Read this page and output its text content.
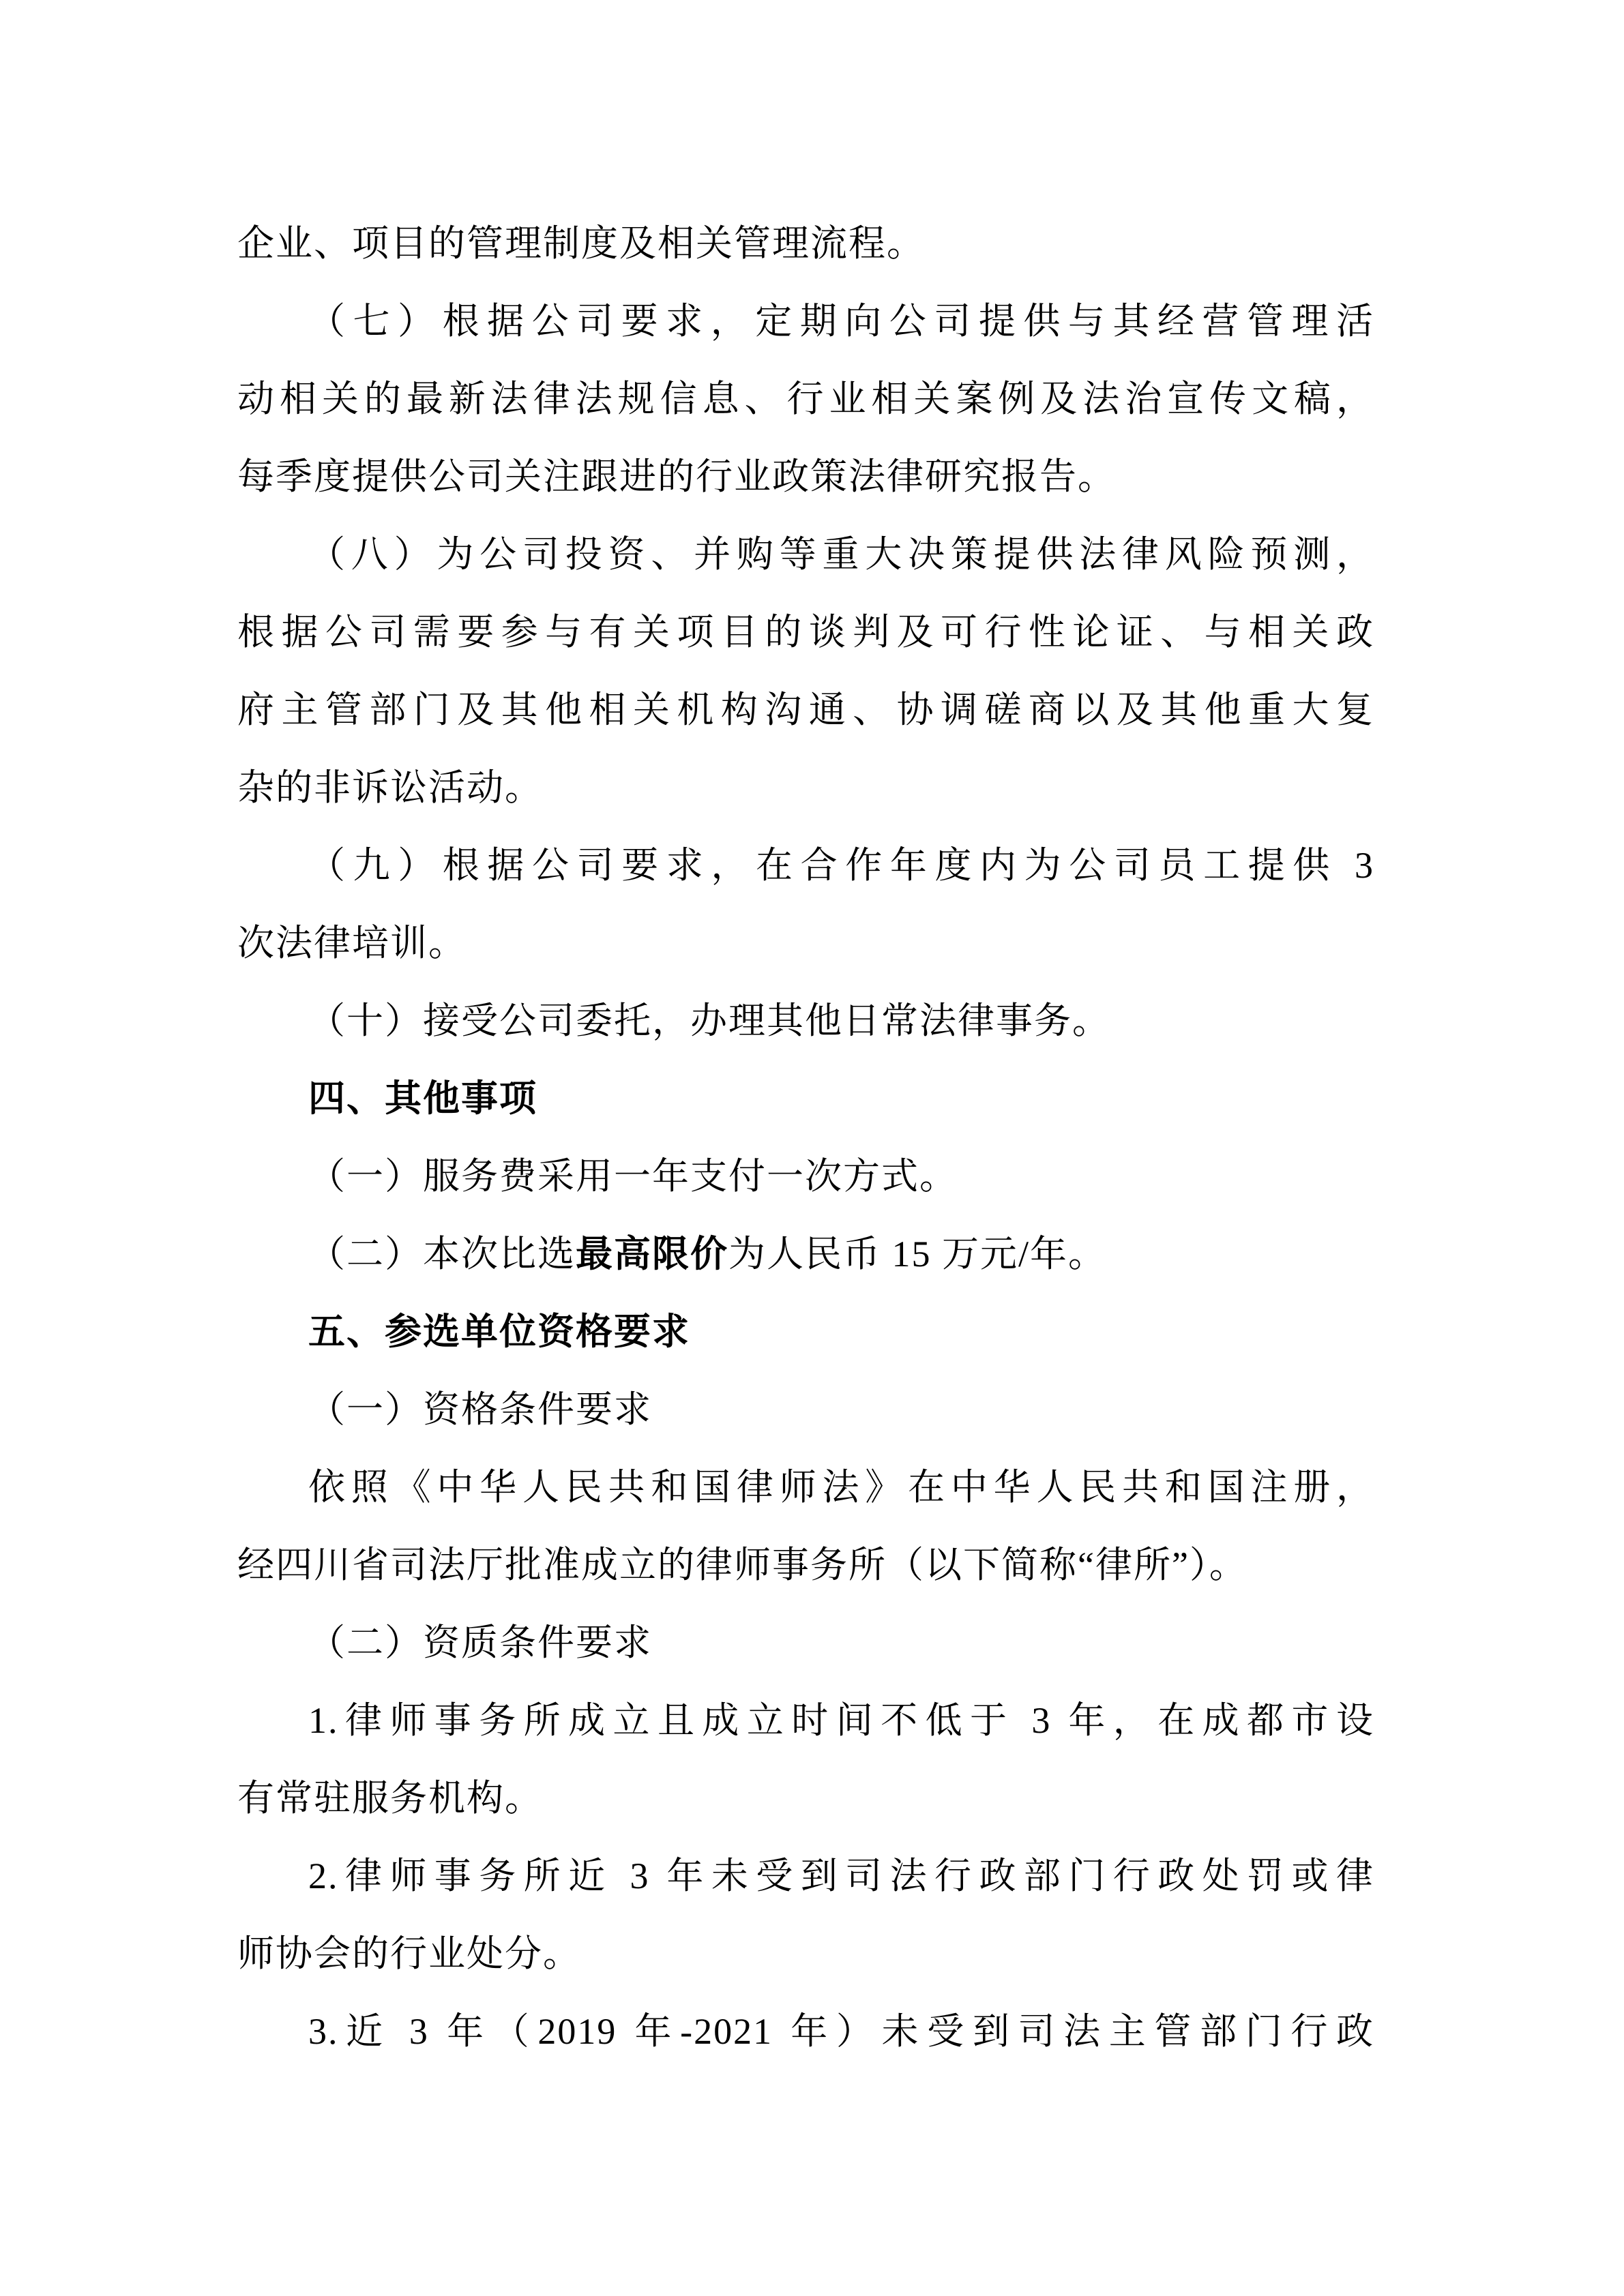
企业、项目的管理制度及相关管理流程。
（七）根据公司要求，定期向公司提供与其经营管理活
动相关的最新法律法规信息、行业相关案例及法治宣传文稿，
每季度提供公司关注跟进的行业政策法律研究报告。
（八）为公司投资、并购等重大决策提供法律风险预测，
根据公司需要参与有关项目的谈判及可行性论证、与相关政
府主管部门及其他相关机构沟通、协调磋商以及其他重大复
杂的非诉讼活动。
（九）根据公司要求，在合作年度内为公司员工提供 3
次法律培训。
（十）接受公司委托，办理其他日常法律事务。
四、其他事项
（一）服务费采用一年支付一次方式。
（二）本次比选最高限价为人民币 15 万元/年。
五、参选单位资格要求
（一）资格条件要求
依照《中华人民共和国律师法》在中华人民共和国注册，
经四川省司法厅批准成立的律师事务所（以下简称“律所”）。
（二）资质条件要求
1.律师事务所成立且成立时间不低于 3 年，在成都市设
有常驻服务机构。
2.律师事务所近 3 年未受到司法行政部门行政处罚或律
师协会的行业处分。
3.近 3 年（2019 年-2021 年）未受到司法主管部门行政
